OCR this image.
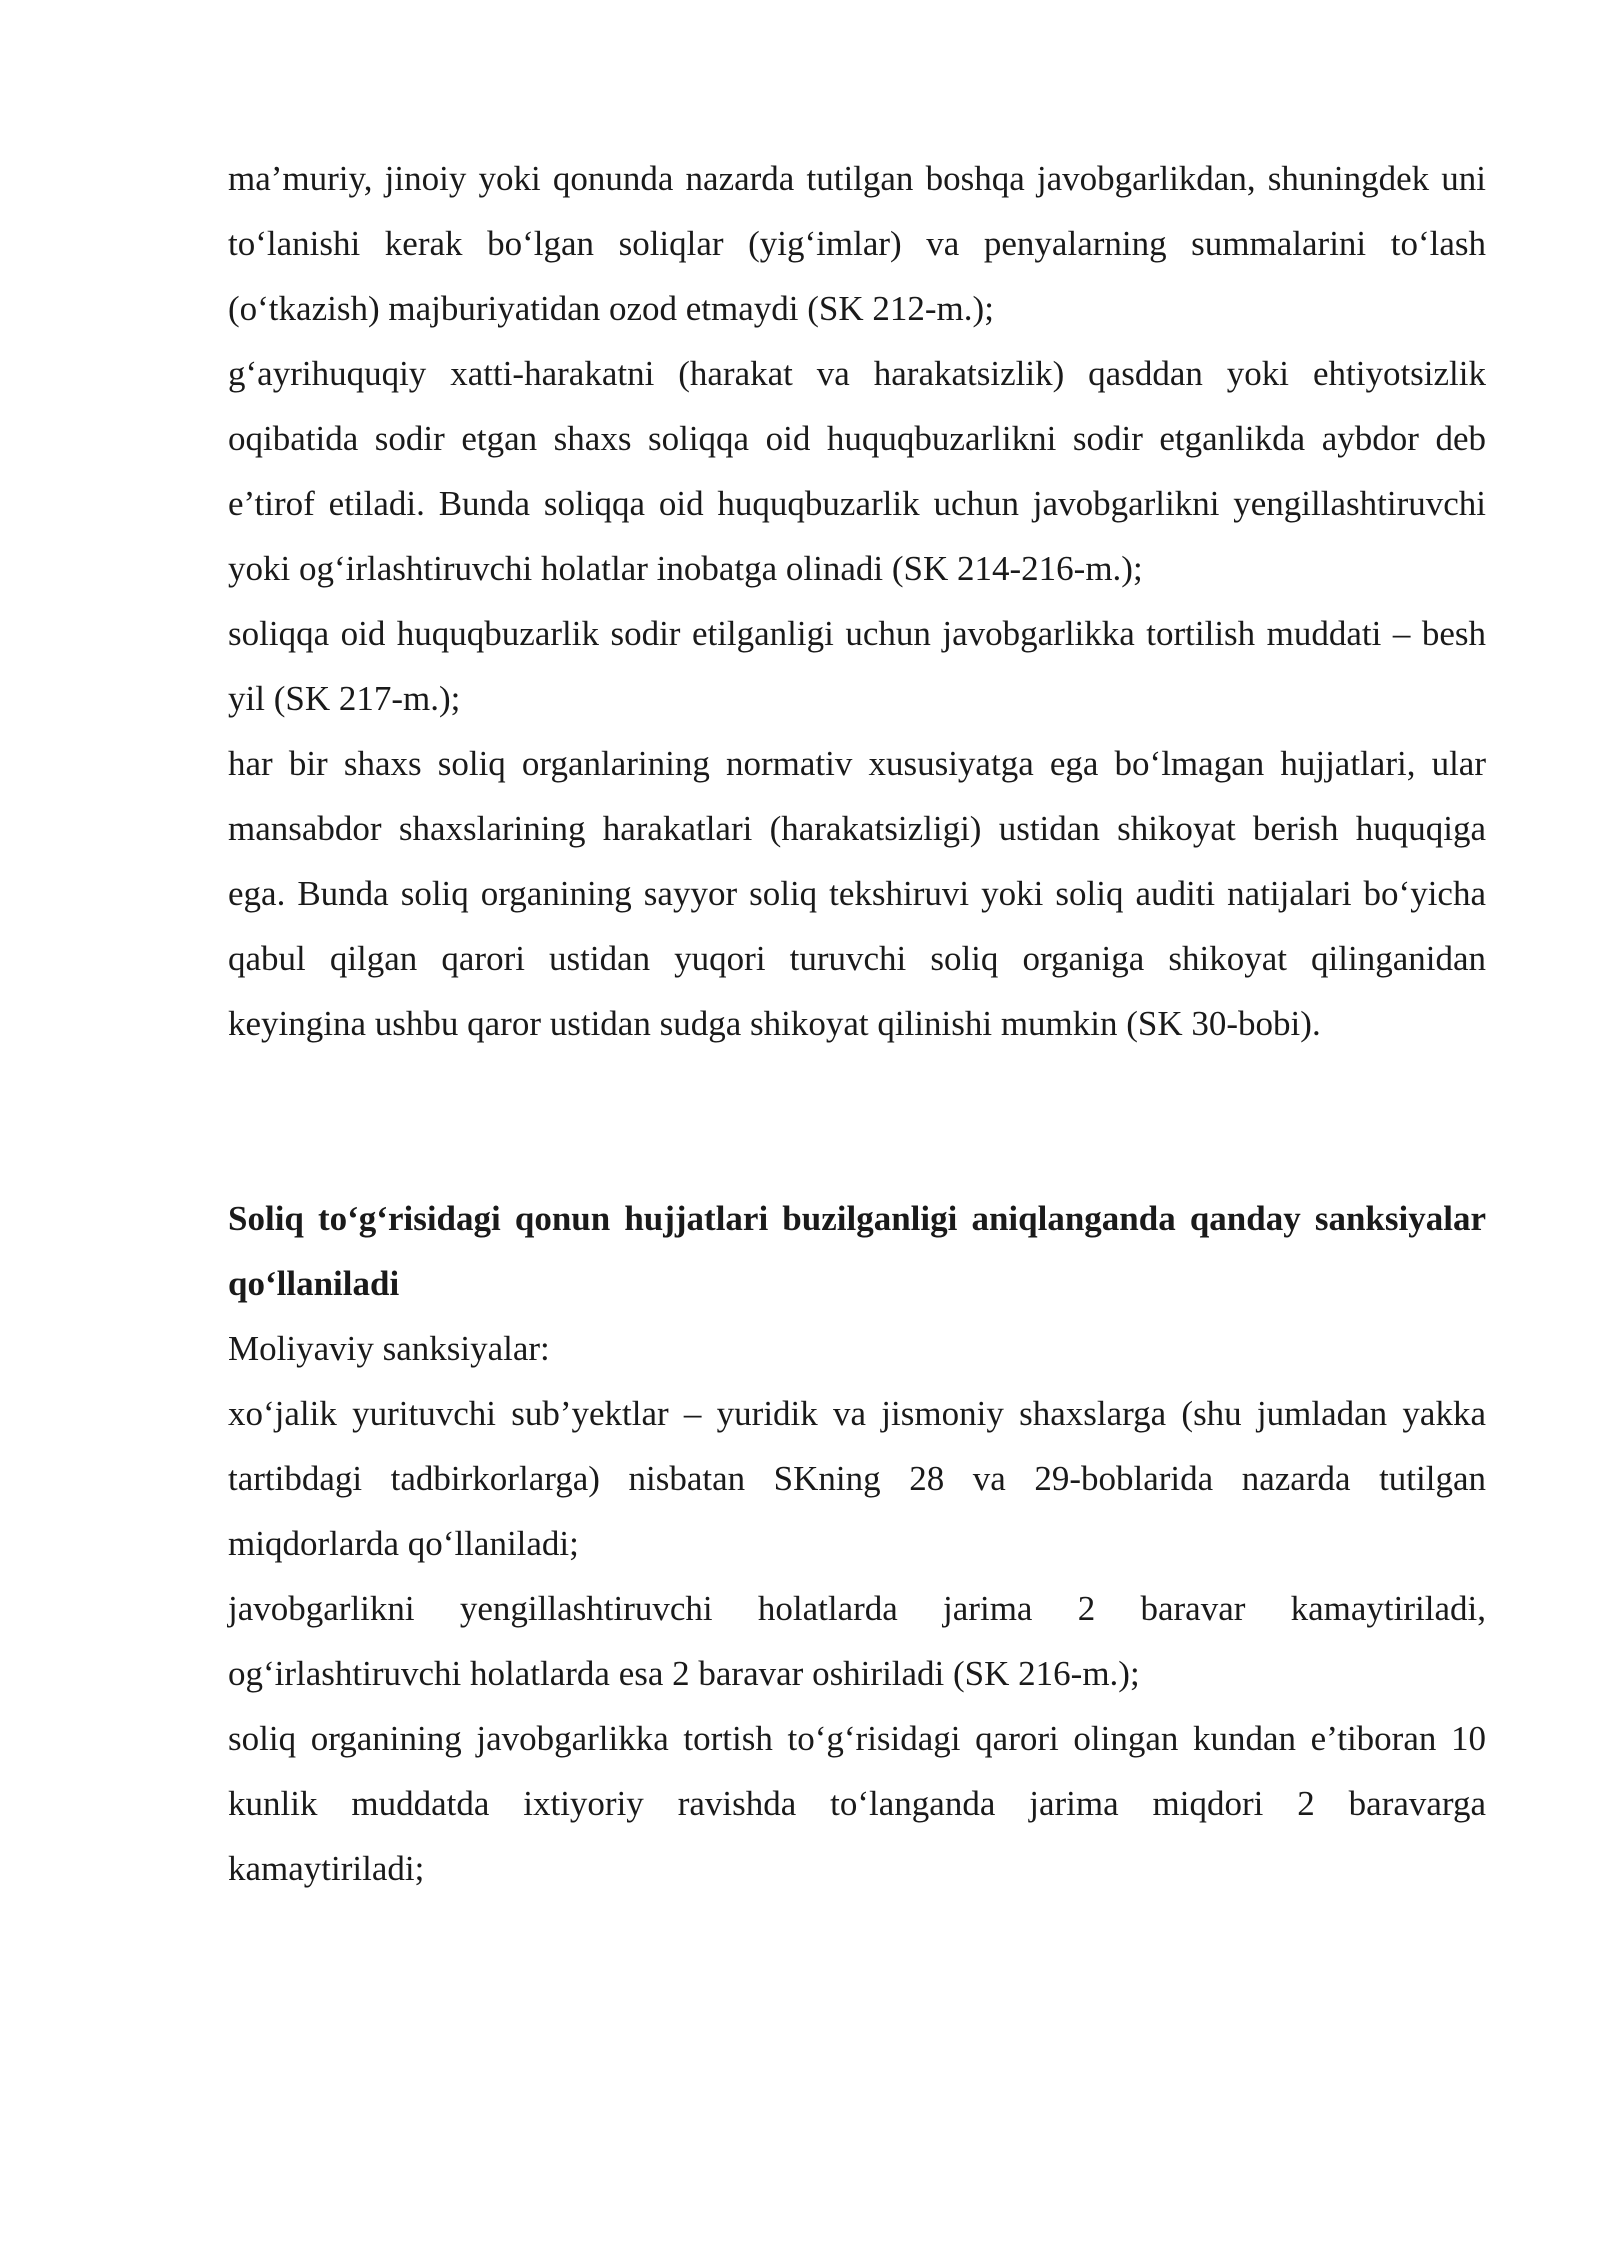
ma’muriy, jinoiy yoki qonunda nazarda tutilgan boshqa javobgarlikdan, shuningdek uni to‘lanishi kerak bo‘lgan soliqlar (yig‘imlar) va penyalarning summalarini to‘lash (o‘tkazish) majburiyatidan ozod etmaydi (SK 212-m.);

g‘ayrihuquqiy xatti-harakatni (harakat va harakatsizlik) qasddan yoki ehtiyotsizlik oqibatida sodir etgan shaxs soliqqa oid huquqbuzarlikni sodir etganlikda aybdor deb e’tirof etiladi. Bunda soliqqa oid huquqbuzarlik uchun javobgarlikni yengillashtiruvchi yoki og‘irlashtiruvchi holatlar inobatga olinadi (SK 214-216-m.);

soliqqa oid huquqbuzarlik sodir etilganligi uchun javobgarlikka tortilish muddati – besh yil (SK 217-m.);

har bir shaxs soliq organlarining normativ xususiyatga ega bo‘lmagan hujjatlari, ular mansabdor shaxslarining harakatlari (harakatsizligi) ustidan shikoyat berish huquqiga ega. Bunda soliq organining sayyor soliq tekshiruvi yoki soliq auditi natijalari bo‘yicha qabul qilgan qarori ustidan yuqori turuvchi soliq organiga shikoyat qilinganidan keyingina ushbu qaror ustidan sudga shikoyat qilinishi mumkin (SK 30-bobi).

Soliq to‘g‘risidagi qonun hujjatlari buzilganligi aniqlanganda qanday sanksiyalar qo‘llaniladi

Moliyaviy sanksiyalar:

xo‘jalik yurituvchi sub’yektlar – yuridik va jismoniy shaxslarga (shu jumladan yakka tartibdagi tadbirkorlarga) nisbatan SKning 28 va 29-boblarida nazarda tutilgan miqdorlarda qo‘llaniladi;

javobgarlikni yengillashtiruvchi holatlarda jarima 2 baravar kamaytiriladi, og‘irlashtiruvchi holatlarda esa 2 baravar oshiriladi (SK 216-m.);

soliq organining javobgarlikka tortish to‘g‘risidagi qarori olingan kundan e’tiboran 10 kunlik muddatda ixtiyoriy ravishda to‘langanda jarima miqdori 2 baravarga kamaytiriladi;
